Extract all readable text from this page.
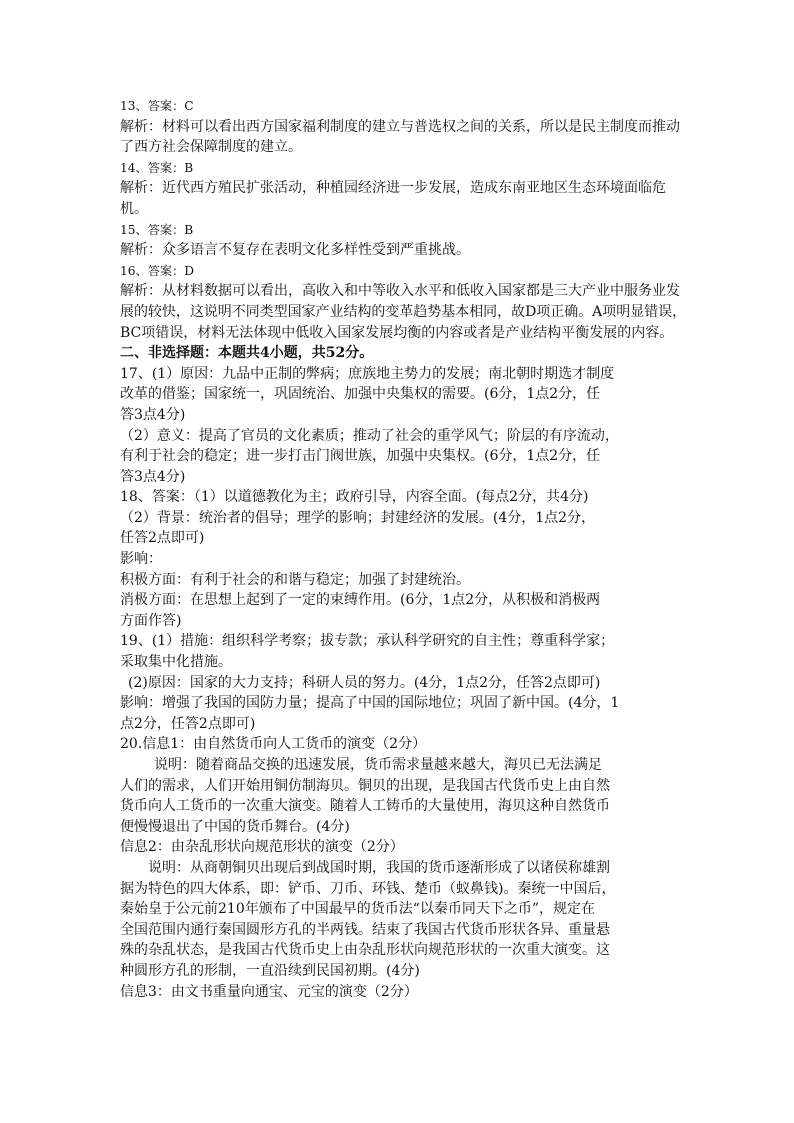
13、答案：C
解析：材料可以看出西方国家福利制度的建立与普选权之间的关系，所以是民主制度而推动
了西方社会保障制度的建立。
14、答案：B
解析：近代西方殖民扩张活动，种植园经济进一步发展，造成东南亚地区生态环境面临危
机。
15、答案：B
解析：众多语言不复存在表明文化多样性受到严重挑战。
16、答案：D
解析：从材料数据可以看出，高收入和中等收入水平和低收入国家都是三大产业中服务业发
展的较快，这说明不同类型国家产业结构的变革趋势基本相同，故D项正确。A项明显错误，
BC项错误，材料无法体现中低收入国家发展均衡的内容或者是产业结构平衡发展的内容。
二、非选择题：本题共4小题，共52分。
17、(1）原因：九品中正制的弊病；庶族地主势力的发展；南北朝时期选才制度
改革的借鉴；国家统一，巩固统治、加强中央集权的需要。(6分，1点2分，任
答3点4分)
（2）意义：提高了官员的文化素质；推动了社会的重学风气；阶层的有序流动，
有利于社会的稳定；进一步打击门阀世族，加强中央集权。(6分，1点2分，任
答3点4分)
18、答案：（1）以道德教化为主；政府引导，内容全面。(每点2分，共4分)
（2）背景：统治者的倡导；理学的影响；封建经济的发展。(4分，1点2分，
任答2点即可)
影响：
积极方面：有利于社会的和谐与稳定；加强了封建统治。
消极方面：在思想上起到了一定的束缚作用。(6分，1点2分，从积极和消极两
方面作答)
19、(1）措施：组织科学考察；拔专款；承认科学研究的自主性；尊重科学家；
采取集中化措施。
(2)原因：国家的大力支持；科研人员的努力。(4分，1点2分，任答2点即可)
影响：增强了我国的国防力量；提高了中国的国际地位；巩固了新中国。(4分，1
点2分，任答2点即可)
20.信息1：由自然货币向人工货币的演变（2分）
说明：随着商品交换的迅速发展，货币需求量越来越大，海贝已无法满足
人们的需求，人们开始用铜仿制海贝。铜贝的出现，是我国古代货币史上由自然
货币向人工货币的一次重大演变。随着人工铸币的大量使用，海贝这种自然货币
便慢慢退出了中国的货币舞台。(4分)
信息2：由杂乱形状向规范形状的演变（2分）
说明：从商朝铜贝出现后到战国时期，我国的货币逐渐形成了以诸侯称雄割
据为特色的四大体系，即：铲币、刀币、环钱、楚币（蚁鼻钱)。秦统一中国后，
秦始皇于公元前210年颁布了中国最早的货币法“以秦币同天下之币”，规定在
全国范围内通行秦国圆形方孔的半两钱。结束了我国古代货币形状各异、重量悬
殊的杂乱状态，是我国古代货币史上由杂乱形状向规范形状的一次重大演变。这
种圆形方孔的形制，一直沿续到民国初期。(4分)
信息3：由文书重量向通宝、元宝的演变（2分）
